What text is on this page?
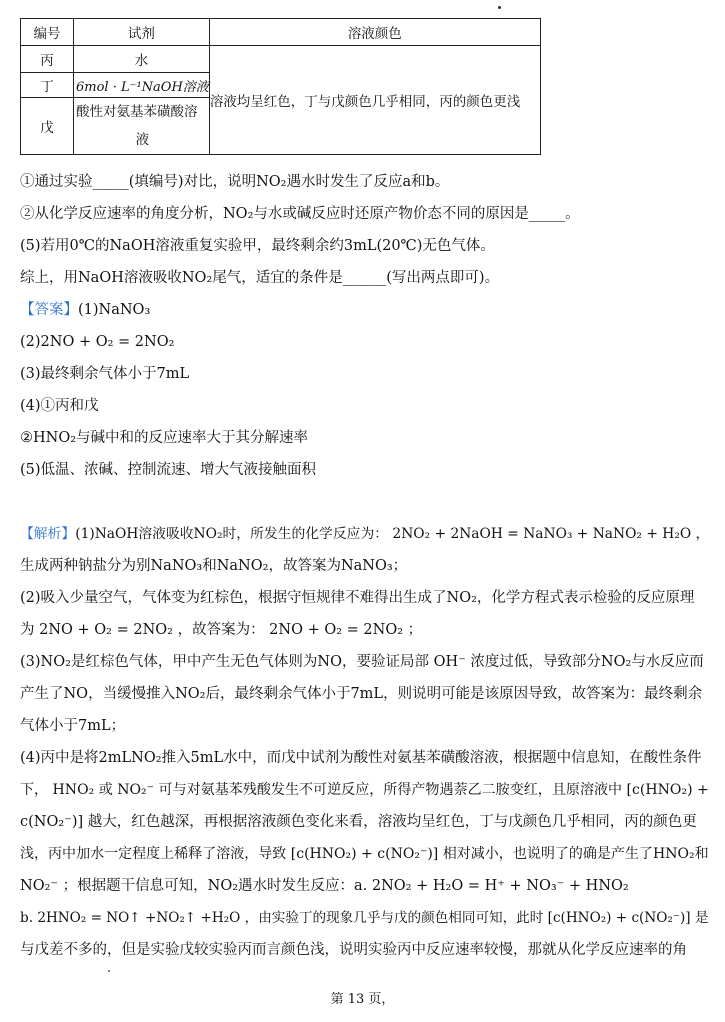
编号	试剂	溶液颜色
丙	水	溶液均呈红色，丁与戊颜色几乎相同，丙的颜色更浅
丁	6mol · L⁻¹NaOH溶液	
戊	酸性对氨基苯磺酸溶
液	
①通过实验_____(填编号)对比，说明NO₂遇水时发生了反应a和b。
②从化学反应速率的角度分析，NO₂与水或碱反应时还原产物价态不同的原因是_____。
(5)若用0℃的NaOH溶液重复实验甲，最终剩余约3mL(20℃)无色气体。
综上，用NaOH溶液吸收NO₂尾气，适宜的条件是______(写出两点即可)。
【答案】(1)NaNO₃
(2)2NO + O₂ = 2NO₂
(3)最终剩余气体小于7mL
(4)①丙和戊
②HNO₂与碱中和的反应速率大于其分解速率
(5)低温、浓碱、控制流速、增大气液接触面积
【解析】(1)NaOH溶液吸收NO₂时，所发生的化学反应为： 2NO₂ + 2NaOH = NaNO₃ + NaNO₂ + H₂O ，
生成两种钠盐分为别NaNO₃和NaNO₂，故答案为NaNO₃；
(2)吸入少量空气，气体变为红棕色，根据守恒规律不难得出生成了NO₂，化学方程式表示检验的反应原理
为 2NO + O₂ = 2NO₂ ，故答案为： 2NO + O₂ = 2NO₂ ；
(3)NO₂是红棕色气体，甲中产生无色气体则为NO，要验证局部 OH⁻ 浓度过低，导致部分NO₂与水反应而
产生了NO，当缓慢推入NO₂后，最终剩余气体小于7mL，则说明可能是该原因导致，故答案为：最终剩余
气体小于7mL；
(4)丙中是将2mLNO₂推入5mL水中，而戊中试剂为酸性对氨基苯磺酸溶液，根据题中信息知，在酸性条件
下， HNO₂ 或 NO₂⁻ 可与对氨基苯残酸发生不可逆反应，所得产物遇萘乙二胺变红，且原溶液中 [c(HNO₂) +
c(NO₂⁻)] 越大，红色越深，再根据溶液颜色变化来看，溶液均呈红色，丁与戊颜色几乎相同，丙的颜色更
浅，丙中加水一定程度上稀释了溶液，导致 [c(HNO₂) + c(NO₂⁻)] 相对减小，也说明了的确是产生了HNO₂和
NO₂⁻ ；根据题干信息可知，NO₂遇水时发生反应：a. 2NO₂ + H₂O = H⁺ + NO₃⁻ + HNO₂
b. 2HNO₂ = NO↑ +NO₂↑ +H₂O ，由实验丁的现象几乎与戊的颜色相同可知，此时 [c(HNO₂) + c(NO₂⁻)] 是
与戊差不多的，但是实验戊较实验丙而言颜色浅，说明实验丙中反应速率较慢，那就从化学反应速率的角
第 13 页，
